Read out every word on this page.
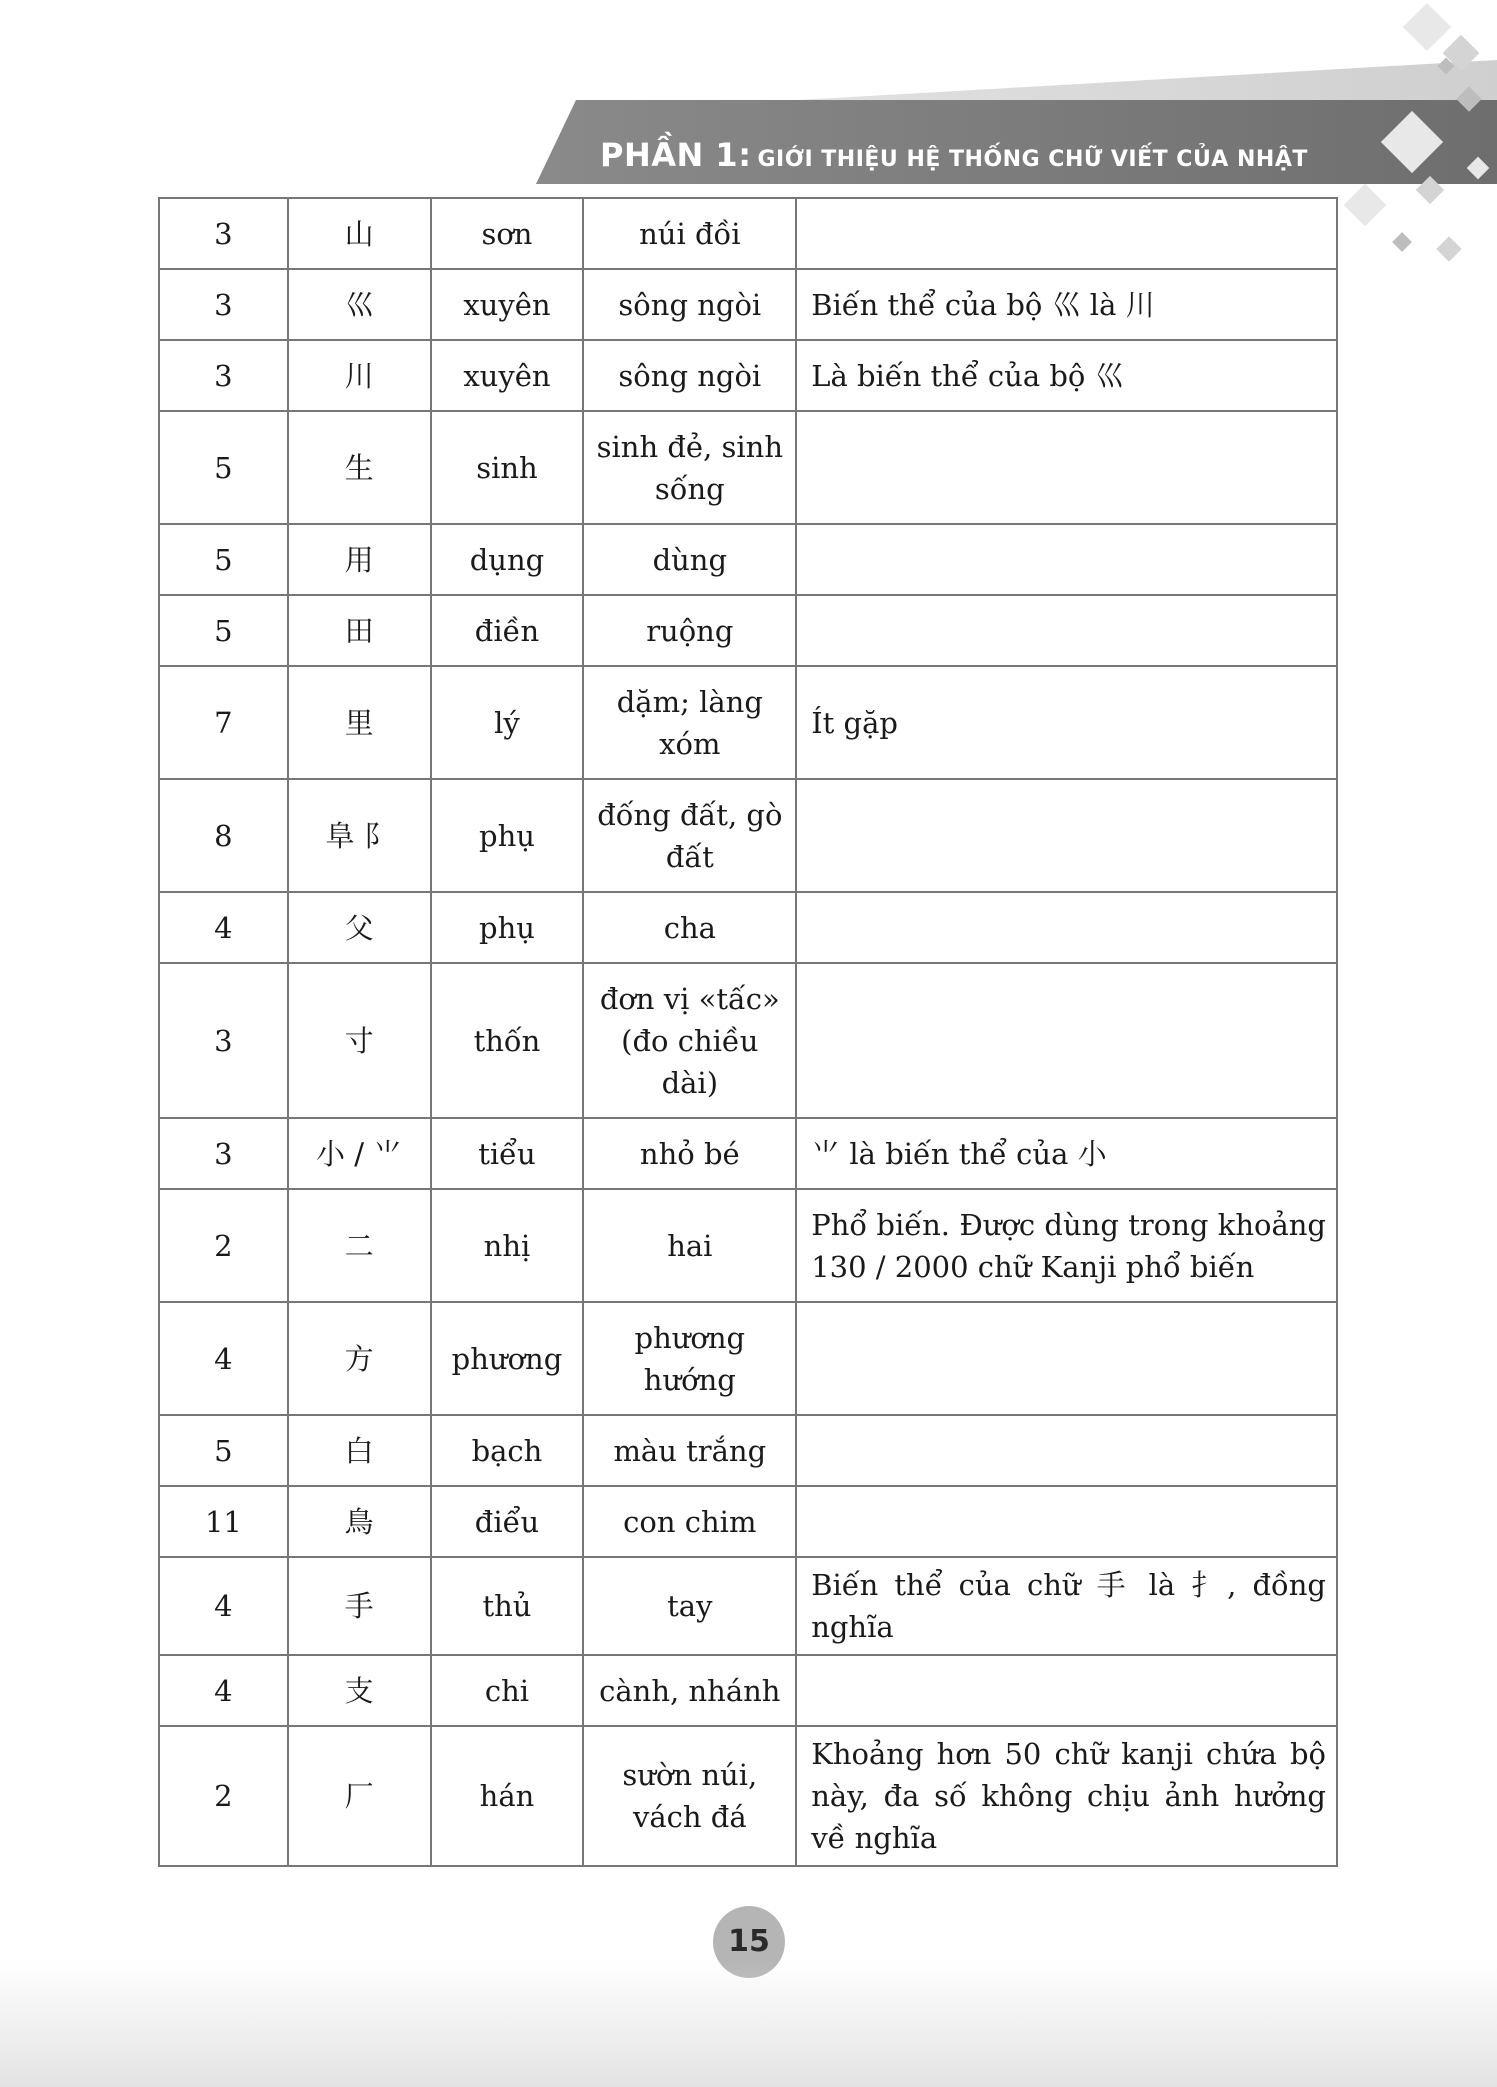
PHẦN 1: GIỚI THIỆU HỆ THỐNG CHỮ VIẾT CỦA NHẬT
3	山	sơn	núi đồi	
3	巛	xuyên	sông ngòi	Biến thể của bộ 巛 là 川
3	川	xuyên	sông ngòi	Là biến thể của bộ 巛
5	生	sinh	sinh đẻ, sinh sống	
5	用	dụng	dùng	
5	田	điền	ruộng	
7	里	lý	dặm; làng xóm	Ít gặp
8	阜 阝	phụ	đống đất, gò đất	
4	父	phụ	cha	
3	寸	thốn	đơn vị «tấc» (đo chiều dài)	
3	小 / ⺌	tiểu	nhỏ bé	⺌ là biến thể của 小
2	二	nhị	hai	Phổ biến. Được dùng trong khoảng 130 / 2000 chữ Kanji phổ biến
4	方	phương	phương hướng	
5	白	bạch	màu trắng	
11	鳥	điểu	con chim	
4	手	thủ	tay	Biến thể của chữ 手 là 扌, đồng nghĩa
4	支	chi	cành, nhánh	
2	厂	hán	sườn núi, vách đá	Khoảng hơn 50 chữ kanji chứa bộ này, đa số không chịu ảnh hưởng về nghĩa
15
